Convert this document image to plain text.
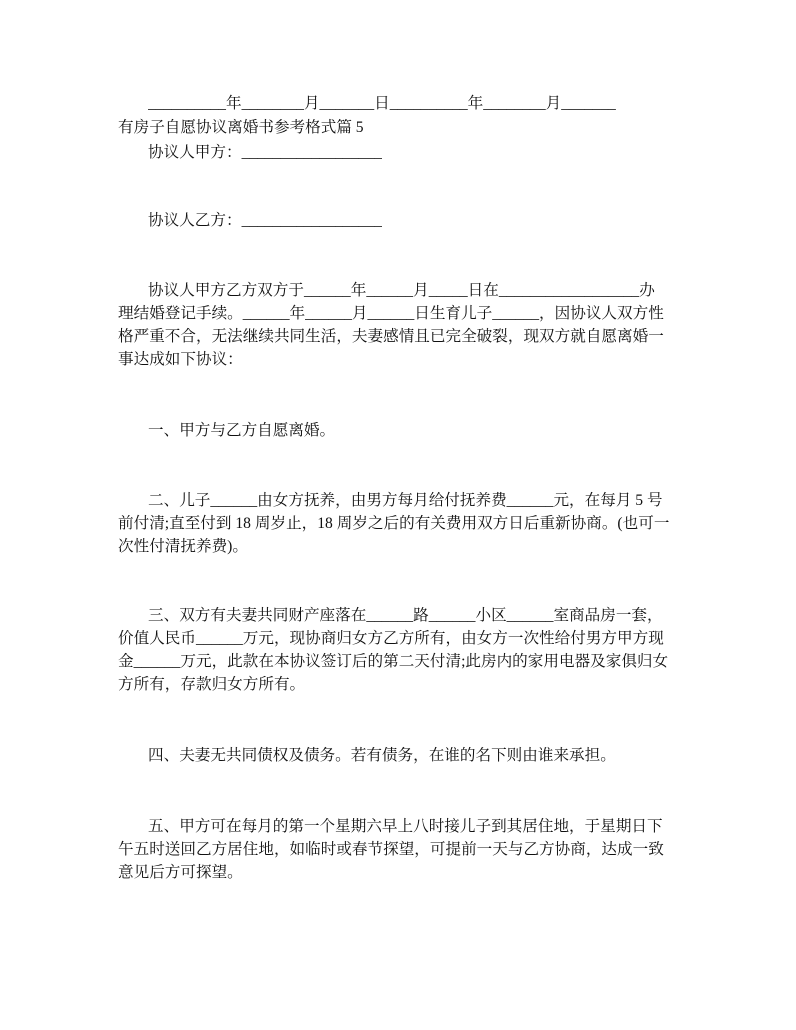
__________年________月_______日__________年________月_______
有房子自愿协议离婚书参考格式篇 5
协议人甲方：__________________
协议人乙方：__________________
协议人甲方乙方双方于______年______月_____日在__________________办
理结婚登记手续。______年______月______日生育儿子______，因协议人双方性
格严重不合，无法继续共同生活，夫妻感情且已完全破裂，现双方就自愿离婚一
事达成如下协议：
一、甲方与乙方自愿离婚。
二、儿子______由女方抚养，由男方每月给付抚养费______元，在每月 5 号
前付清;直至付到 18 周岁止，18 周岁之后的有关费用双方日后重新协商。(也可一
次性付清抚养费)。
三、双方有夫妻共同财产座落在______路______小区______室商品房一套，
价值人民币______万元，现协商归女方乙方所有，由女方一次性给付男方甲方现
金______万元，此款在本协议签订后的第二天付清;此房内的家用电器及家俱归女
方所有，存款归女方所有。
四、夫妻无共同债权及债务。若有债务，在谁的名下则由谁来承担。
五、甲方可在每月的第一个星期六早上八时接儿子到其居住地，于星期日下
午五时送回乙方居住地，如临时或春节探望，可提前一天与乙方协商，达成一致
意见后方可探望。
